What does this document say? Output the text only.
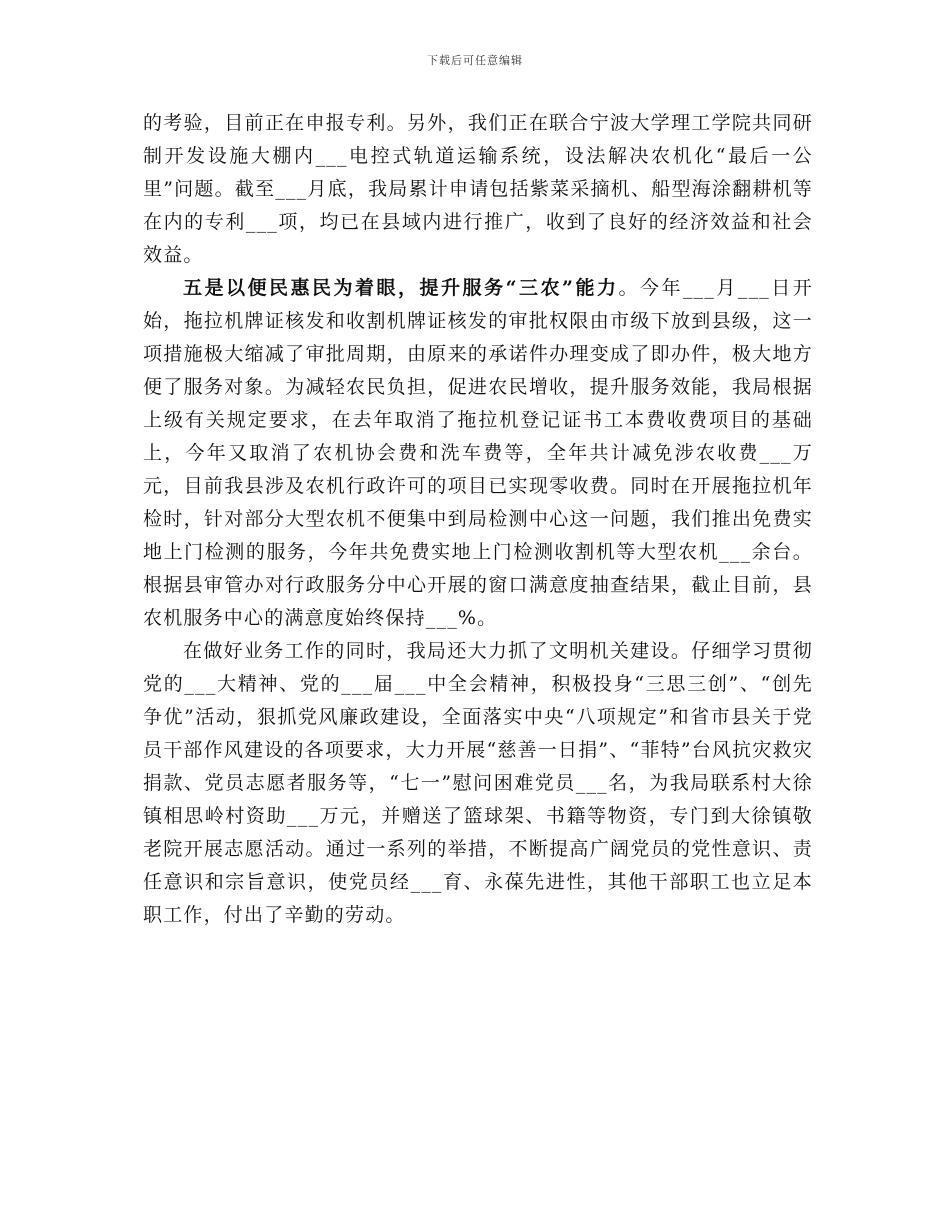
下载后可任意编辑

的考验，目前正在申报专利。另外，我们正在联合宁波大学理工学院共同研制开发设施大棚内___电控式轨道运输系统，设法解决农机化“最后一公里”问题。截至___月底，我局累计申请包括紫菜采摘机、船型海涂翻耕机等在内的专利___项，均已在县域内进行推广，收到了良好的经济效益和社会效益。

五是以便民惠民为着眼，提升服务“三农”能力。今年___月___日开始，拖拉机牌证核发和收割机牌证核发的审批权限由市级下放到县级，这一项措施极大缩减了审批周期，由原来的承诺件办理变成了即办件，极大地方便了服务对象。为减轻农民负担，促进农民增收，提升服务效能，我局根据上级有关规定要求，在去年取消了拖拉机登记证书工本费收费项目的基础上，今年又取消了农机协会费和洗车费等，全年共计减免涉农收费___万元，目前我县涉及农机行政许可的项目已实现零收费。同时在开展拖拉机年检时，针对部分大型农机不便集中到局检测中心这一问题，我们推出免费实地上门检测的服务，今年共免费实地上门检测收割机等大型农机___余台。根据县审管办对行政服务分中心开展的窗口满意度抽查结果，截止目前，县农机服务中心的满意度始终保持___%。

在做好业务工作的同时，我局还大力抓了文明机关建设。仔细学习贯彻党的___大精神、党的___届___中全会精神，积极投身“三思三创”、“创先争优”活动，狠抓党风廉政建设，全面落实中央“八项规定”和省市县关于党员干部作风建设的各项要求，大力开展“慈善一日捐”、“菲特”台风抗灾救灾捐款、党员志愿者服务等，“七一”慰问困难党员___名，为我局联系村大徐镇相思岭村资助___万元，并赠送了篮球架、书籍等物资，专门到大徐镇敬老院开展志愿活动。通过一系列的举措，不断提高广阔党员的党性意识、责任意识和宗旨意识，使党员经___育、永葆先进性，其他干部职工也立足本职工作，付出了辛勤的劳动。
